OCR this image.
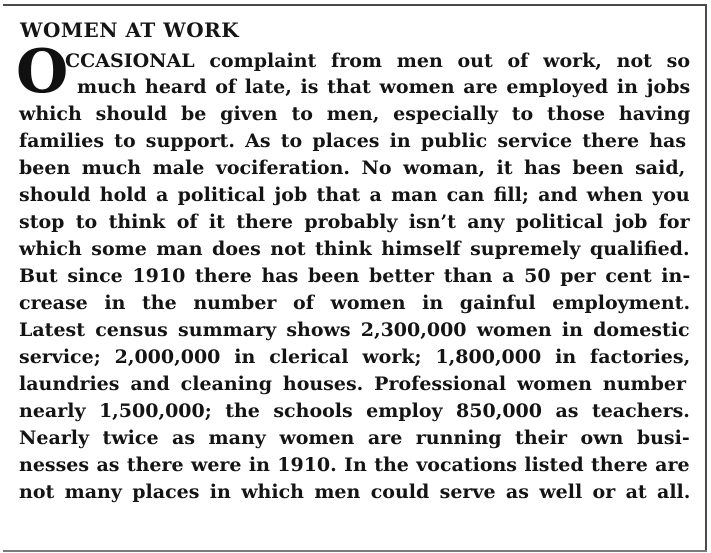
WOMEN AT WORK
O
CCASIONAL complaint from men out of work, not so
much heard of late, is that women are employed in jobs
which should be given to men, especially to those having
families to support. As to places in public service there has
been much male vociferation. No woman, it has been said,
should hold a political job that a man can fill; and when you
stop to think of it there probably isn’t any political job for
which some man does not think himself supremely qualified.
But since 1910 there has been better than a 50 per cent in-
crease in the number of women in gainful employment.
Latest census summary shows 2,300,000 women in domestic
service; 2,000,000 in clerical work; 1,800,000 in factories,
laundries and cleaning houses. Professional women number
nearly 1,500,000; the schools employ 850,000 as teachers.
Nearly twice as many women are running their own busi-
nesses as there were in 1910. In the vocations listed there are
not many places in which men could serve as well or at all.
